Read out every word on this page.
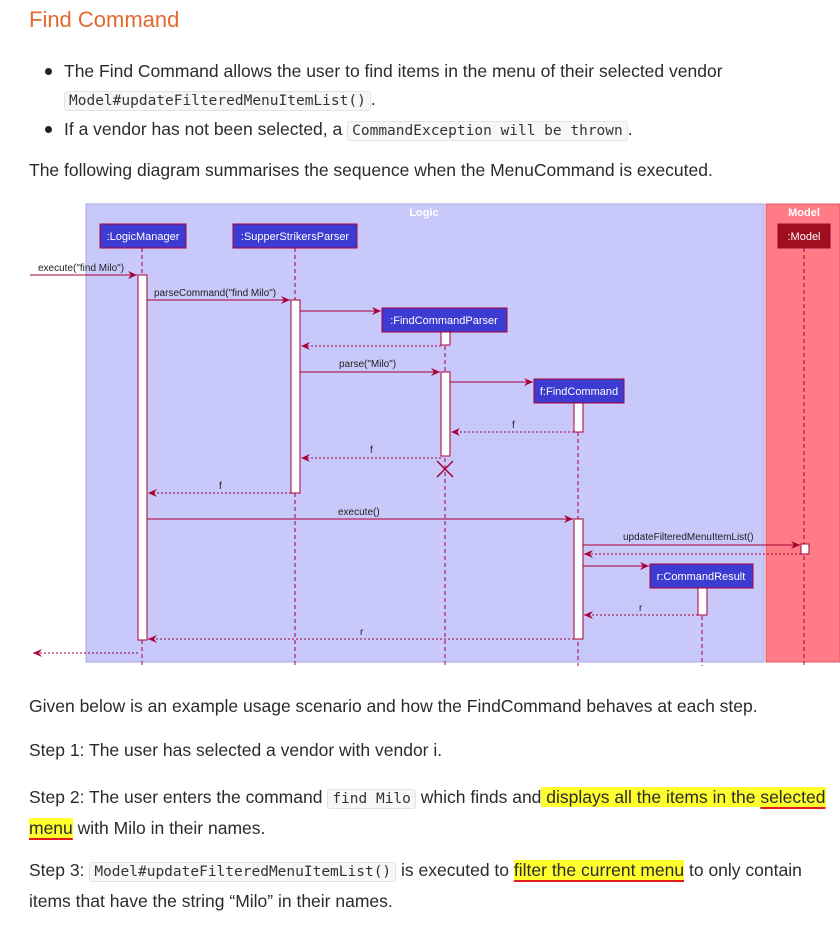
Find Command
The Find Command allows the user to find items in the menu of their selected vendor
Model#updateFilteredMenuItemList() .
If a vendor has not been selected, a CommandException will be thrown .

The following diagram summarises the sequence when the MenuCommand is executed.

Logic	Model
:LogicManager	:SupperStrikersParser
:FindCommandParser
f:FindCommand
r:CommandResult
:Model
execute("find Milo")
parseCommand("find Milo")
parse("Milo")
f
f
f
execute()
updateFilteredMenuItemList()
r
r

Given below is an example usage scenario and how the FindCommand behaves at each step.

Step 1: The user has selected a vendor with vendor i.

Step 2: The user enters the command find Milo which finds and displays all the items in the selected menu with Milo in their names.

Step 3: Model#updateFilteredMenuItemList() is executed to filter the current menu to only contain items that have the string “Milo” in their names.
